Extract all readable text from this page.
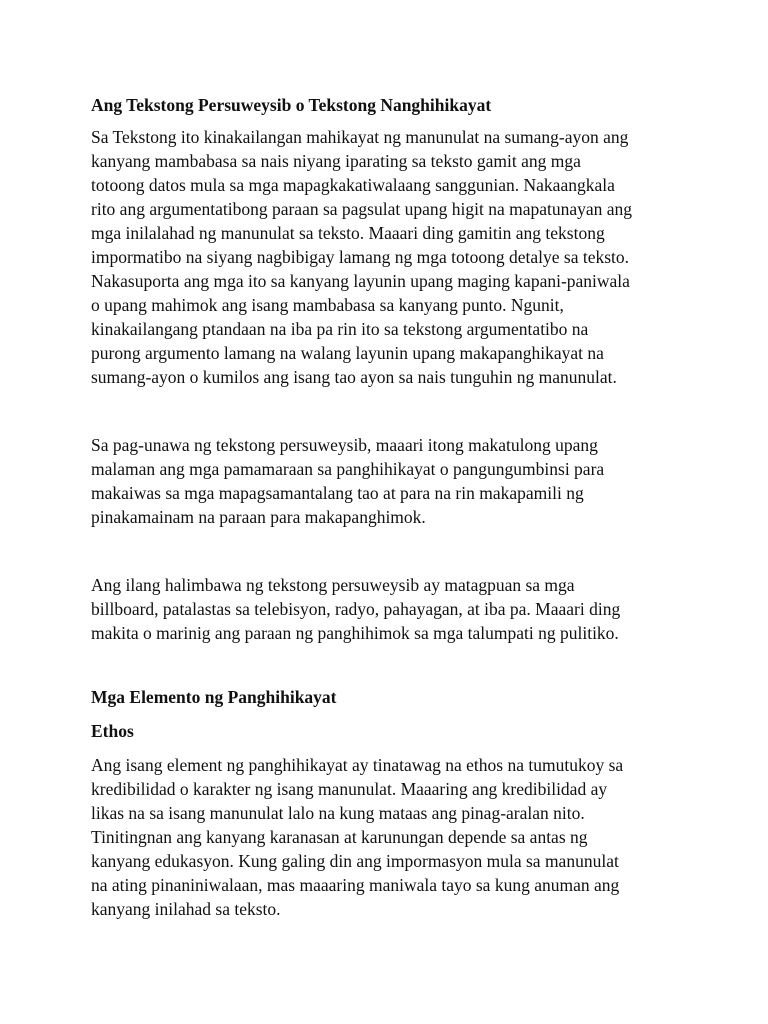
Ang Tekstong Persuweysib o Tekstong Nanghihikayat

Sa Tekstong ito kinakailangan mahikayat ng manunulat na sumang-ayon ang
kanyang mambabasa sa nais niyang iparating sa teksto gamit ang mga
totoong datos mula sa mga mapagkakatiwalaang sanggunian. Nakaangkala
rito ang argumentatibong paraan sa pagsulat upang higit na mapatunayan ang
mga inilalahad ng manunulat sa teksto. Maaari ding gamitin ang tekstong
impormatibo na siyang nagbibigay lamang ng mga totoong detalye sa teksto.
Nakasuporta ang mga ito sa kanyang layunin upang maging kapani-paniwala
o upang mahimok ang isang mambabasa sa kanyang punto. Ngunit,
kinakailangang ptandaan na iba pa rin ito sa tekstong argumentatibo na
purong argumento lamang na walang layunin upang makapanghikayat na
sumang-ayon o kumilos ang isang tao ayon sa nais tunguhin ng manunulat.

Sa pag-unawa ng tekstong persuweysib, maaari itong makatulong upang
malaman ang mga pamamaraan sa panghihikayat o pangungumbinsi para
makaiwas sa mga mapagsamantalang tao at para na rin makapamili ng
pinakamainam na paraan para makapanghimok.

Ang ilang halimbawa ng tekstong persuweysib ay matagpuan sa mga
billboard, patalastas sa telebisyon, radyo, pahayagan, at iba pa. Maaari ding
makita o marinig ang paraan ng panghihimok sa mga talumpati ng pulitiko.

Mga Elemento ng Panghihikayat
Ethos

Ang isang element ng panghihikayat ay tinatawag na ethos na tumutukoy sa
kredibilidad o karakter ng isang manunulat. Maaaring ang kredibilidad ay
likas na sa isang manunulat lalo na kung mataas ang pinag-aralan nito.
Tinitingnan ang kanyang karanasan at karunungan depende sa antas ng
kanyang edukasyon. Kung galing din ang impormasyon mula sa manunulat
na ating pinaniniwalaan, mas maaaring maniwala tayo sa kung anuman ang
kanyang inilahad sa teksto.
